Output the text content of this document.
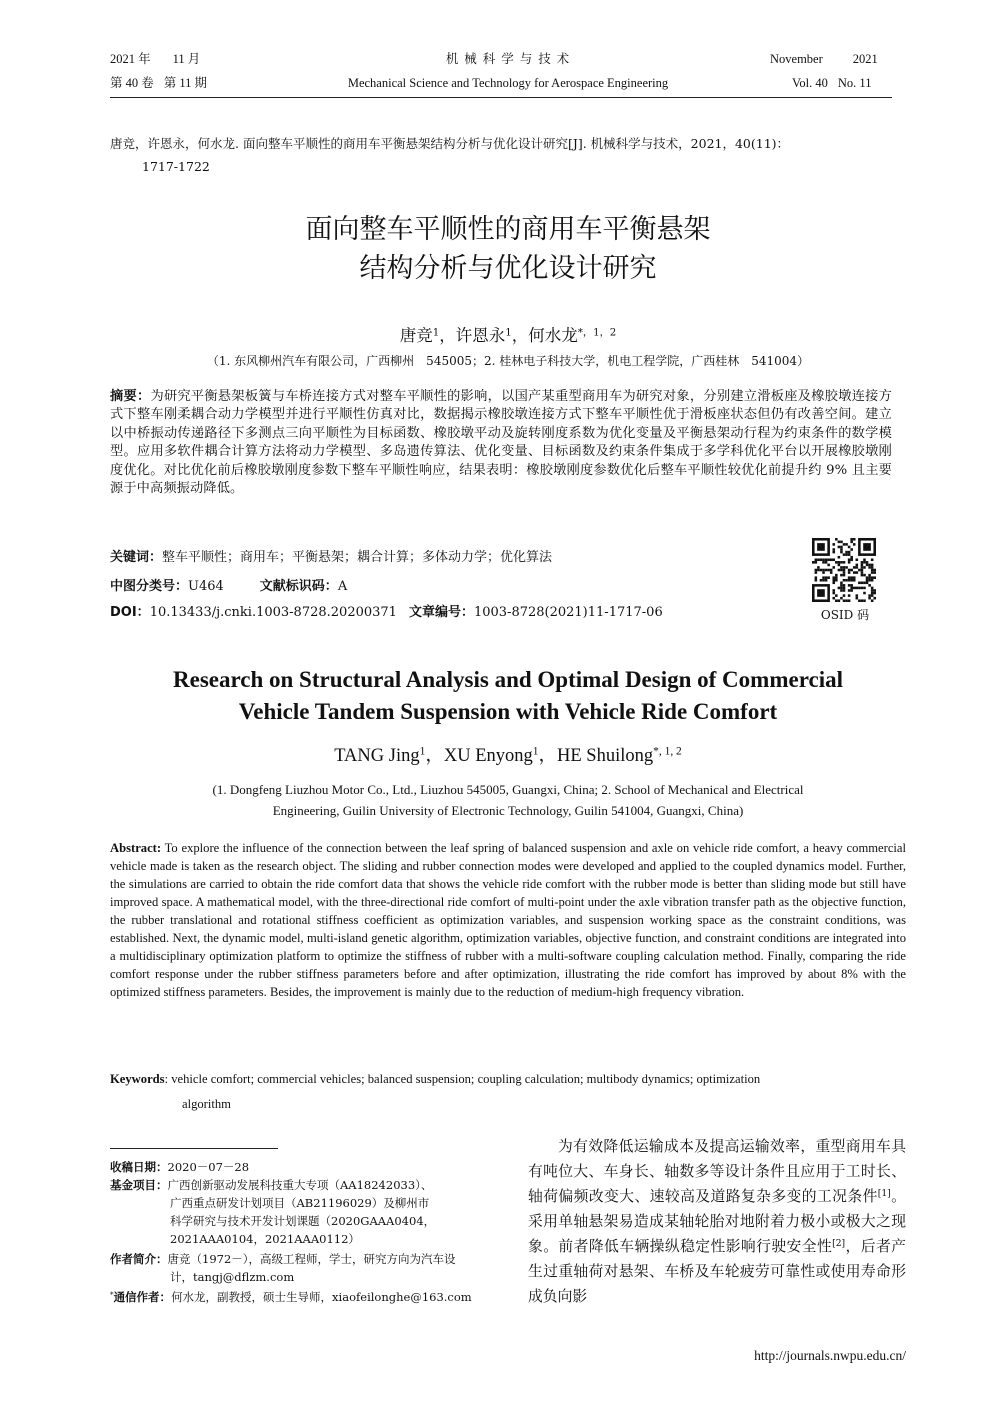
2021 年 11 月
第 40 卷 第 11 期
机 械 科 学 与 技 术
Mechanical Science and Technology for Aerospace Engineering
November 2021
Vol. 40 No. 11
唐竞，许恩永，何水龙. 面向整车平顺性的商用车平衡悬架结构分析与优化设计研究[J]. 机械科学与技术，2021，40(11)：
1717-1722
面向整车平顺性的商用车平衡悬架
结构分析与优化设计研究
唐竞$^1$，许恩永$^1$，何水龙$^{*,1,2}$
（1. 东风柳州汽车有限公司，广西柳州　545005；2. 桂林电子科技大学，机电工程学院，广西桂林　541004）
摘要：为研究平衡悬架板簧与车桥连接方式对整车平顺性的影响，以国产某重型商用车为研究对象，分别建立滑板座及橡胶墩连接方式下整车刚柔耦合动力学模型并进行平顺性仿真对比，数据揭示橡胶墩连接方式下整车平顺性优于滑板座状态但仍有改善空间。建立以中桥振动传递路径下多测点三向平顺性为目标函数、橡胶墩平动及旋转刚度系数为优化变量及平衡悬架动行程为约束条件的数学模型。应用多软件耦合计算方法将动力学模型、多岛遗传算法、优化变量、目标函数及约束条件集成于多学科优化平台以开展橡胶墩刚度优化。对比优化前后橡胶墩刚度参数下整车平顺性响应，结果表明：橡胶墩刚度参数优化后整车平顺性较优化前提升约 9% 且主要源于中高频振动降低。
关键词：整车平顺性；商用车；平衡悬架；耦合计算；多体动力学；优化算法
中图分类号：U464	文献标识码：A
DOI：10.13433/j.cnki.1003-8728.20200371 文章编号：1003-8728(2021)11-1717-06	OSID 码
Research on Structural Analysis and Optimal Design of Commercial
Vehicle Tandem Suspension with Vehicle Ride Comfort
TANG Jing$^1$，XU Enyong$^1$，HE Shuilong$^{*, 1, 2}$
(1. Dongfeng Liuzhou Motor Co., Ltd., Liuzhou 545005, Guangxi, China; 2. School of Mechanical and Electrical
Engineering, Guilin University of Electronic Technology, Guilin 541004, Guangxi, China)
Abstract: To explore the influence of the connection between the leaf spring of balanced suspension and axle on vehicle ride comfort, a heavy commercial vehicle made is taken as the research object. The sliding and rubber connection modes were developed and applied to the coupled dynamics model. Further, the simulations are carried to obtain the ride comfort data that shows the vehicle ride comfort with the rubber mode is better than sliding mode but still have improved space. A mathematical model, with the three-directional ride comfort of multi-point under the axle vibration transfer path as the objective function, the rubber translational and rotational stiffness coefficient as optimization variables, and suspension working space as the constraint conditions, was established. Next, the dynamic model, multi-island genetic algorithm, optimization variables, objective function, and constraint conditions are integrated into a multidisciplinary optimization platform to optimize the stiffness of rubber with a multi-software coupling calculation method. Finally, comparing the ride comfort response under the rubber stiffness parameters before and after optimization, illustrating the ride comfort has improved by about 8% with the optimized stiffness parameters. Besides, the improvement is mainly due to the reduction of medium-high frequency vibration.
Keywords: vehicle comfort; commercial vehicles; balanced suspension; coupling calculation; multibody dynamics; optimization
algorithm
收稿日期：2020－07－28
基金项目：广西创新驱动发展科技重大专项（AA18242033）、
广西重点研发计划项目（AB21196029）及柳州市
科学研究与技术开发计划课题（2020GAAA0404，
2021AAA0104，2021AAA0112）
作者简介：唐竞（1972－），高级工程师，学士，研究方向为汽车设
计，tangj@dflzm.com
*通信作者：何水龙，副教授，硕士生导师，xiaofeilonghe@163.com
为有效降低运输成本及提高运输效率，重型商用车具有吨位大、车身长、轴数多等设计条件且应用于工时长、轴荷偏频改变大、速较高及道路复杂多变的工况条件[1]。采用单轴悬架易造成某轴轮胎对地附着力极小或极大之现象。前者降低车辆操纵稳定性影响行驶安全性[2]，后者产生过重轴荷对悬架、车桥及车轮疲劳可靠性或使用寿命形成负向影
http://journals.nwpu.edu.cn/
